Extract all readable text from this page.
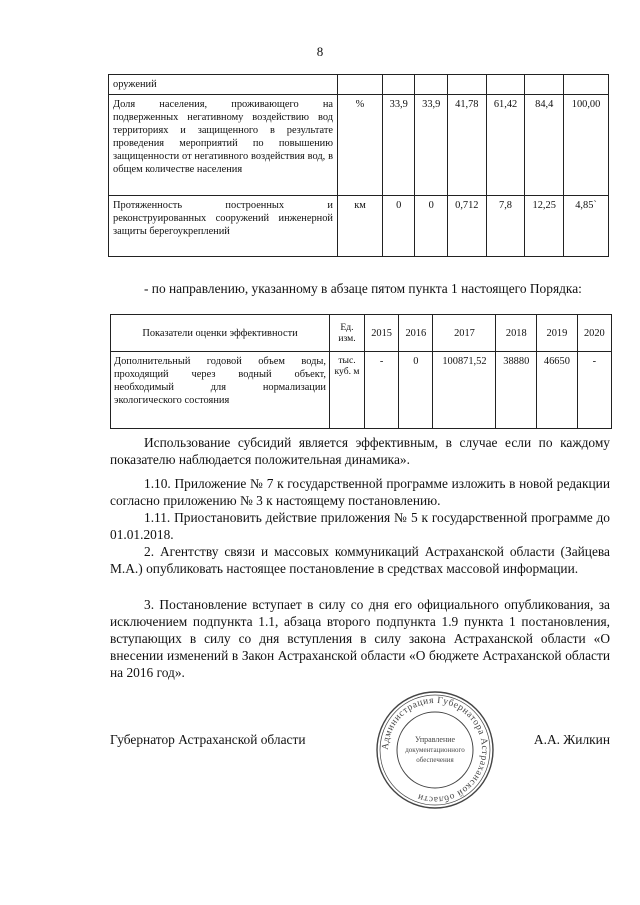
8
оружений							
Доля населения, проживающего на подверженных негативному воздействию вод территориях и защищенного в результате проведения мероприятий по повышению защищенности от негативного воздействия вод, в общем количестве населения	%	33,9	33,9	41,78	61,42	84,4	100,00
Протяженность построенных и реконструированных сооружений инженерной защиты берегоукреплений	км	0	0	0,712	7,8	12,25	4,85`
- по направлению, указанному в абзаце пятом пункта 1 настоящего Порядка:
Показатели оценки эффективности	Ед. изм.	2015	2016	2017	2018	2019	2020
Дополнительный годовой объем воды, проходящий через водный объект, необходимый для нормализации экологического состояния	тыс. куб. м	-	0	100871,52	38880	46650	-
Использование субсидий является эффективным, в случае если по каждому показателю наблюдается положительная динамика».
1.10. Приложение № 7 к государственной программе изложить в новой редакции согласно приложению № 3 к настоящему постановлению.
1.11. Приостановить действие приложения № 5 к государственной программе до 01.01.2018.
2. Агентству связи и массовых коммуникаций Астраханской области (Зайцева М.А.) опубликовать настоящее постановление в средствах массовой информации.
3. Постановление вступает в силу со дня его официального опубликования, за исключением подпункта 1.1, абзаца второго подпункта 1.9 пункта 1 постановления, вступающих в силу со дня вступления в силу закона Астраханской области «О внесении изменений в Закон Астраханской области «О бюджете Астраханской области на 2016 год».
Губернатор Астраханской области	А.А. Жилкин
Администрация Губернатора Астраханской области
Управление
документационного
обеспечения
